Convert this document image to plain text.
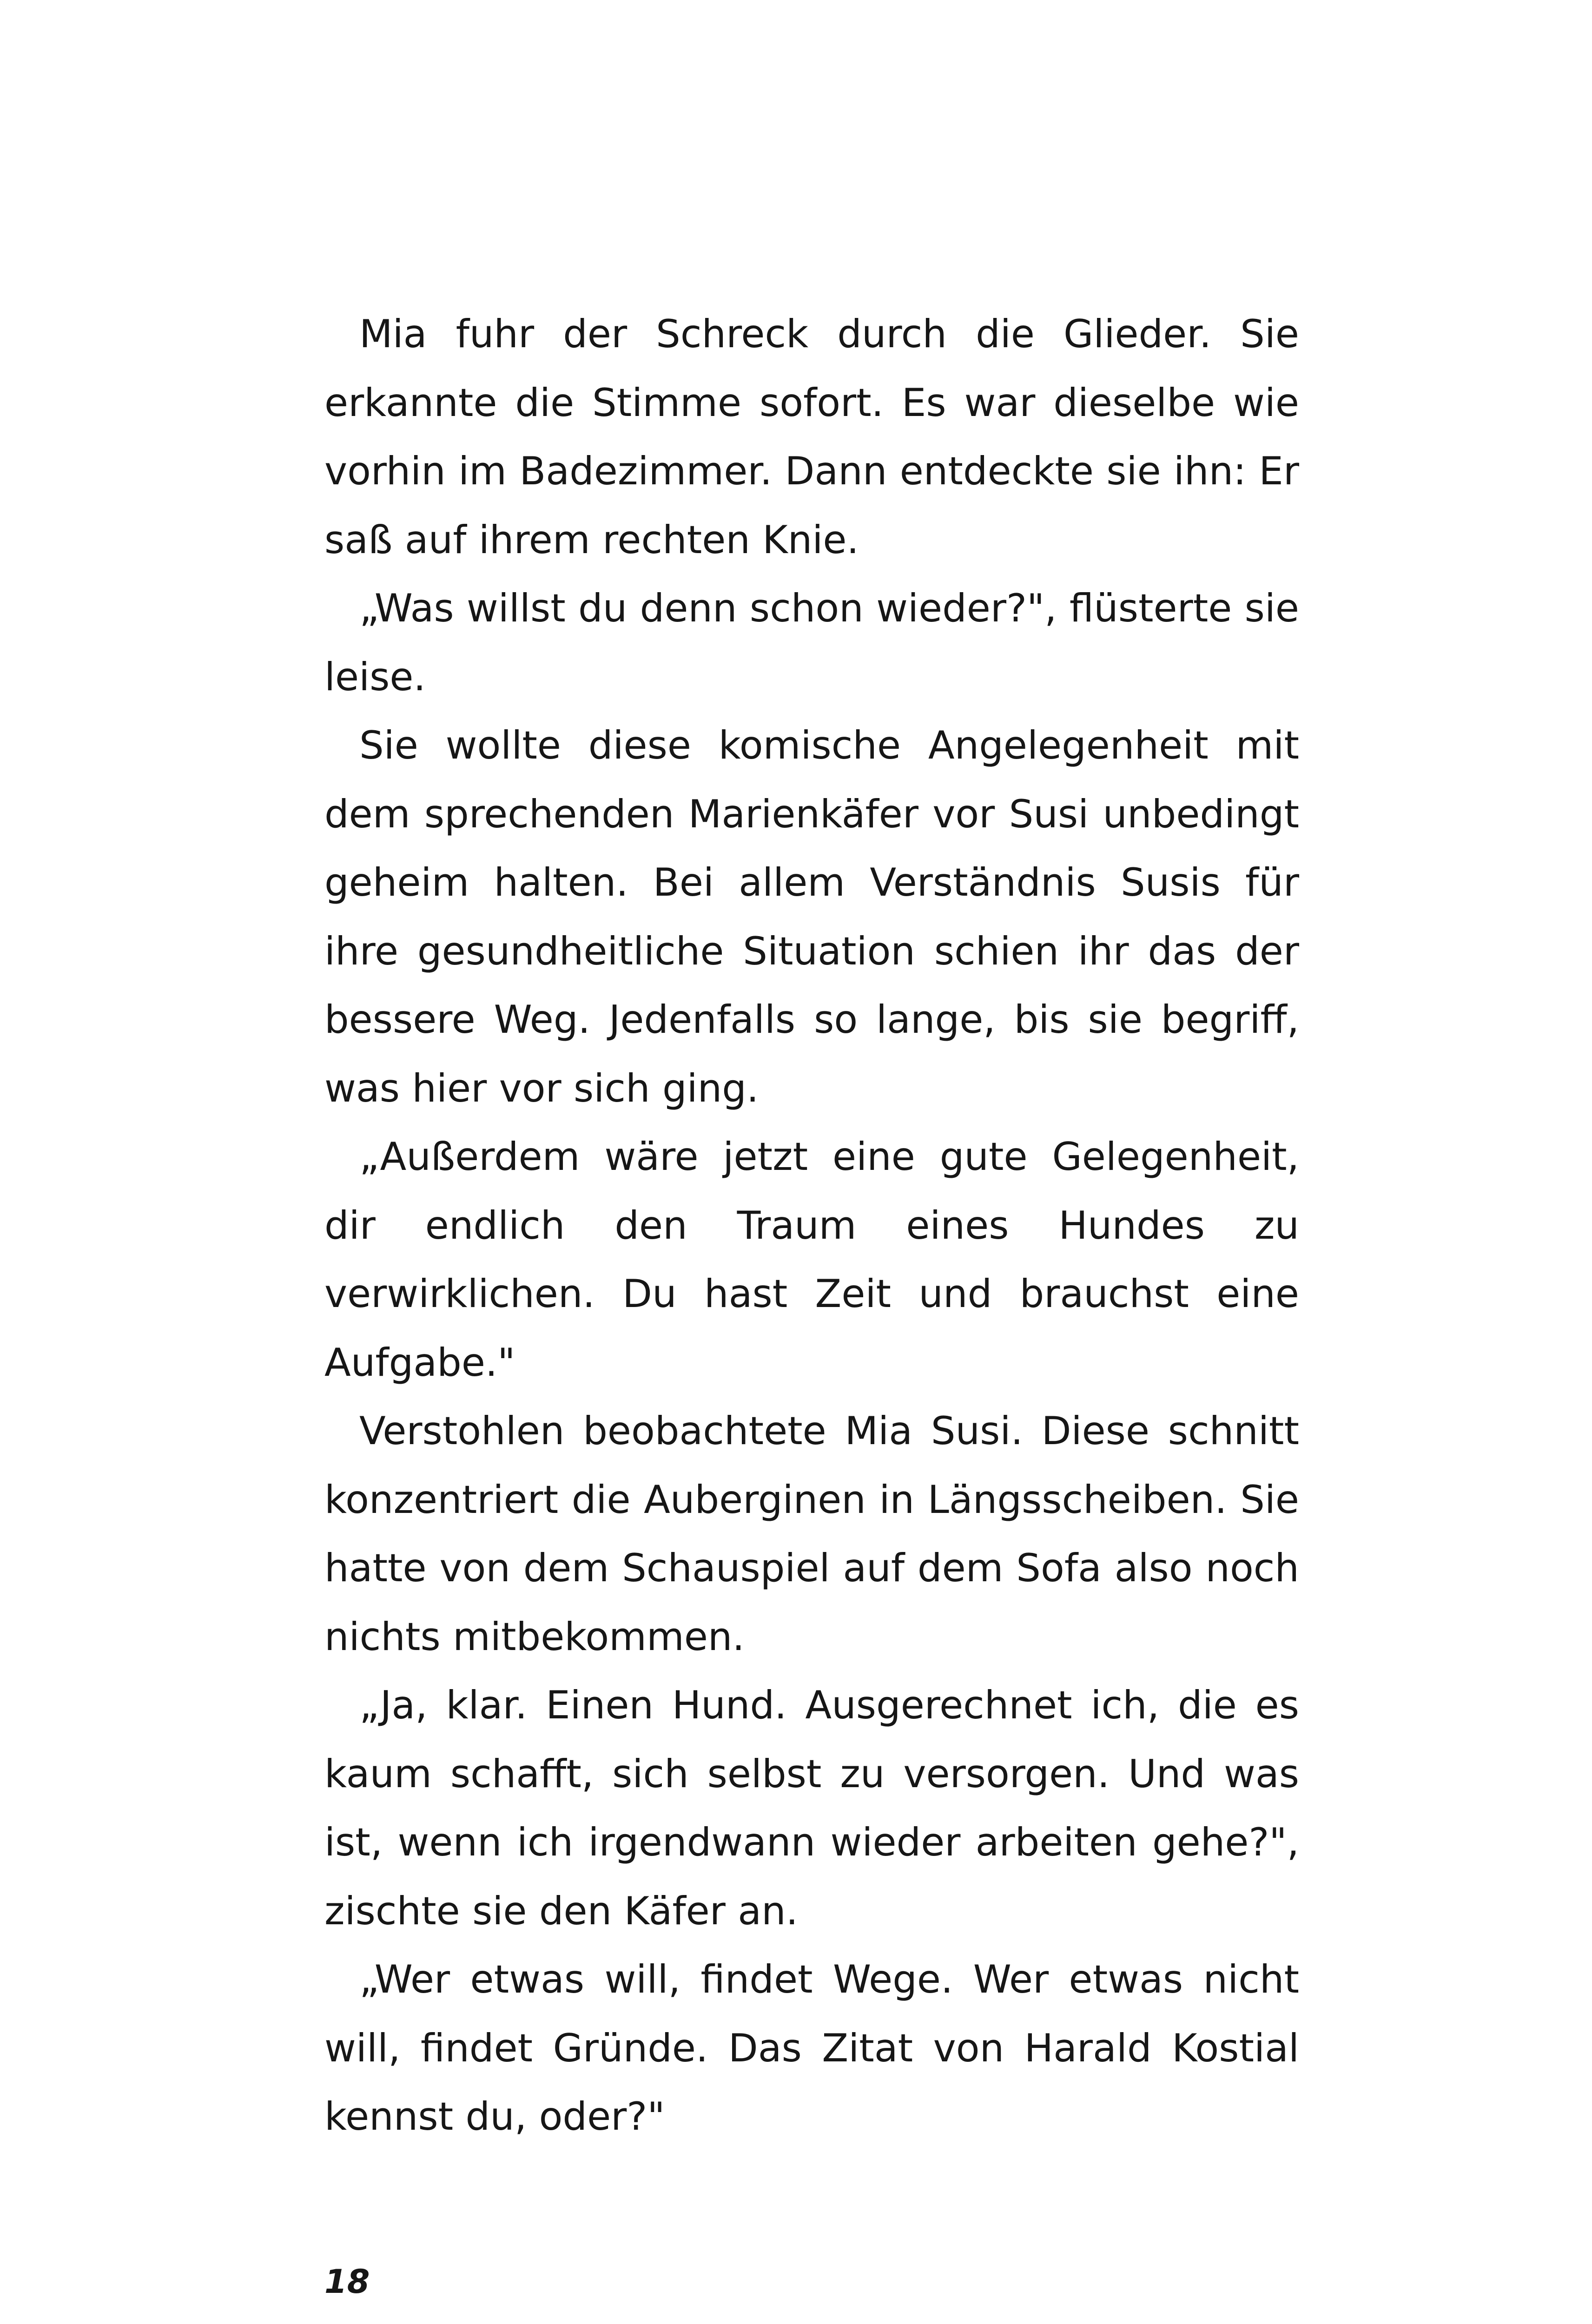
Mia fuhr der Schreck durch die Glieder. Sie erkannte die Stimme sofort. Es war dieselbe wie vorhin im Badezimmer. Dann entdeckte sie ihn: Er saß auf ihrem rechten Knie.

„Was willst du denn schon wieder?", flüsterte sie leise.

Sie wollte diese komische Angelegenheit mit dem sprechenden Marienkäfer vor Susi unbedingt geheim halten. Bei allem Verständnis Susis für ihre gesundheitliche Situation schien ihr das der bessere Weg. Jedenfalls so lange, bis sie begriff, was hier vor sich ging.

„Außerdem wäre jetzt eine gute Gelegenheit, dir endlich den Traum eines Hundes zu verwirklichen. Du hast Zeit und brauchst eine Aufgabe."

Verstohlen beobachtete Mia Susi. Diese schnitt konzentriert die Auberginen in Längsscheiben. Sie hatte von dem Schauspiel auf dem Sofa also noch nichts mitbekommen.

„Ja, klar. Einen Hund. Ausgerechnet ich, die es kaum schafft, sich selbst zu versorgen. Und was ist, wenn ich irgendwann wieder arbeiten gehe?", zischte sie den Käfer an.

„Wer etwas will, findet Wege. Wer etwas nicht will, findet Gründe. Das Zitat von Harald Kostial kennst du, oder?"

18
